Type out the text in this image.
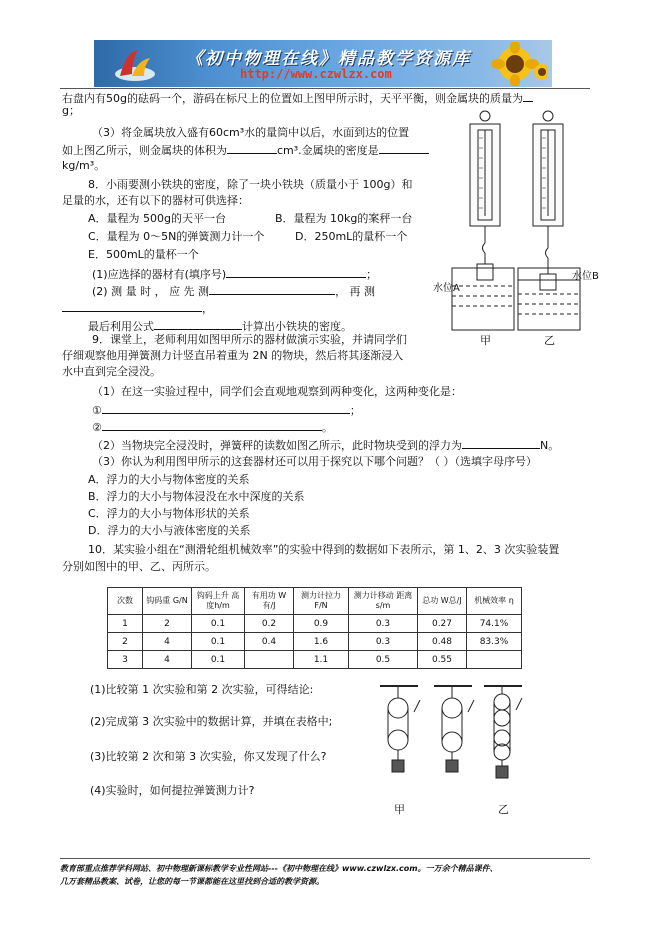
《初中物理在线》精品教学资源库
http://www.czwlzx.com
右盘内有50g的砝码一个，游码在标尺上的位置如上图甲所示时，天平平衡，则金属块的质量为
g；
（3）将金属块放入盛有60cm³水的量筒中以后，水面到达的位置
如上图乙所示，则金属块的体积为	cm³.金属块的密度是
kg/m³。
8．小雨要测小铁块的密度，除了一块小铁块（质量小于 100g）和
足量的水，还有以下的器材可供选择：
A．量程为 500g的天平一台	B．量程为 10kg的案秤一台
C．量程为 0～5N的弹簧测力计一个	D．250mL的量杯一个
E．500mL的量杯一个
(1)应选择的器材有(填序号)	；
(2) 测 量 时 ， 应 先 测	， 再 测
，
最后利用公式	计算出小铁块的密度。
9．课堂上，老师利用如图甲所示的器材做演示实验，并请同学们
仔细观察他用弹簧测力计竖直吊着重为 2N 的物块，然后将其逐渐浸入
水中直到完全浸没。
（1）在这一实验过程中，同学们会直观地观察到两种变化，这两种变化是：
①	；
②	。
（2）当物块完全浸没时，弹簧秤的读数如图乙所示，此时物块受到的浮力为	N。
（3）你认为利用图甲所示的这套器材还可以用于探究以下哪个问题？（ ）（选填字母序号）
A．浮力的大小与物体密度的关系
B．浮力的大小与物体浸没在水中深度的关系
C．浮力的大小与物体形状的关系
D．浮力的大小与液体密度的关系
10．某实验小组在“测滑轮组机械效率”的实验中得到的数据如下表所示，第 1、2、3 次实验装置
分别如图中的甲、乙、丙所示。
次数	钩码重 G/N	钩码上升 高度h/m	有用功 W有/J	测力计拉力F/N	测力计移动 距离 s/m	总功 W总/J	机械效率 η
1	2	0.1	0.2	0.9	0.3	0.27	74.1%
2	4	0.1	0.4	1.6	0.3	0.48	83.3%
3	4	0.1		1.1	0.5	0.55	
(1)比较第 1 次实验和第 2 次实验，可得结论:
(2)完成第 3 次实验中的数据计算，并填在表格中;
(3)比较第 2 次和第 3 次实验，你又发现了什么?
(4)实验时，如何提拉弹簧测力计?
水位A
水位B
甲	乙
甲	乙
教育部重点推荐学科网站、初中物理新课标教学专业性网站---《初中物理在线》www.czwlzx.com。一万余个精品课件、
几万套精品教案、试卷，让您的每一节课都能在这里找到合适的教学资源。
